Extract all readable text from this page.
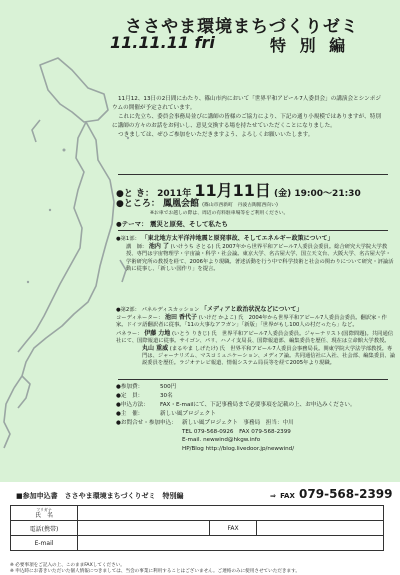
ささやま環境まちづくりゼミ
11.11.11 fri	特 別 編

11月12、13日の2日間にわたり、篠山市内において「世界平和アピール7人委員会」の講演会とシンポジウムの開催が予定されています。

これに先立ち、委員会事務局並びに講師の皆様のご協力により、下記の通り小規模ではありますが、特別に講師の方々のお話をお伺いし、意見交換する場を持たせていただくことになりました。

つきましては、ぜひご参加をいただきますよう、よろしくお願いいたします。

●と き： 2011年 11月11日 (金) 19:00～21:30
●ところ： 鳳凰会館 (篠山市西新町　丹波古陶館西向い)
※お車でお越しの際は、周辺の有料駐車場等をご利用ください。
●テーマ： 震災と原発、そして私たち
●第1部： 「東北地方太平洋沖地震と原発事故、そしてエネルギー政策について」
講　師： 池内 了 (いけうち さとる) 氏 2007年から世界平和アピール7人委員会委員。総合研究大学院大学教授、専門は宇宙物理学・宇宙論・科学・社会論。東京大学、名古屋大学、国立天文台、大阪大学、名古屋大学・学術研究所の教授を経て、2006年より現職。著述活動を行う中で科学技術と社会の関わりについて研究・評論活動に従事し、「新しい国作り」を提言。
●第2部： パネルディスカッション 「メディアと政治状況などについて」
コーディネーター： 池田 香代子 (いけだ かよこ) 氏　2004年から世界平和アピール7人委員会委員。翻訳家・作家。ドイツ語翻訳者に従事。「11の大事なアフガン」「新版」「世界がもし100人の村だったら」など。
パネラー： 伊藤 力地 (いとう りきじ) 氏　世界平和アピール7人委員会委員。ジャーナリスト(国際問題)。共同通信社にて、国際報道に従事。サイゴン、パリ、ハノイ支局長、国際報道部、編集委員を歴任、現在は立命館大学教授。
丸山 重威 (まるやま しげたけ) 氏　世界平和アピール7人委員会事務局長。関東学院大学法学部教授。専門は、ジャーナリズム、マスコミュニケーション、メディア論。共同通信社に入社、社会部、編集委員、論説委員を歴任。ラジオテレビ報道、情報システム局長等を経て2005年より現職。
●参加費：	500円
●定　員：	30名
●申込方法：	FAX・E-mailにて、下記事務局まで必要事項を記載の上、お申込みください。
●主　催：	新しい風プロジェクト
●お問合せ・参加申込： 新しい風プロジェクト　事務局　担当：中川
TEL 079-568-0926　FAX 079-568-2399
E-mail. newwind@hkgw.info
HP/Blog http://blog.livedoor.jp/newwind/
■参加申込書　ささやま環境まちづくりゼミ　特別編	⇒ FAX 079-568-2399
フリガナ
氏　名			

電話(携帯)		FAX	
E-mail			
※ 必要事項をご記入の上、このままFAXしてください。
※ 申込時にお書きいただいた個人情報につきましては、当会の事業に利用することはございません。ご連絡のみに使用させていただきます。
